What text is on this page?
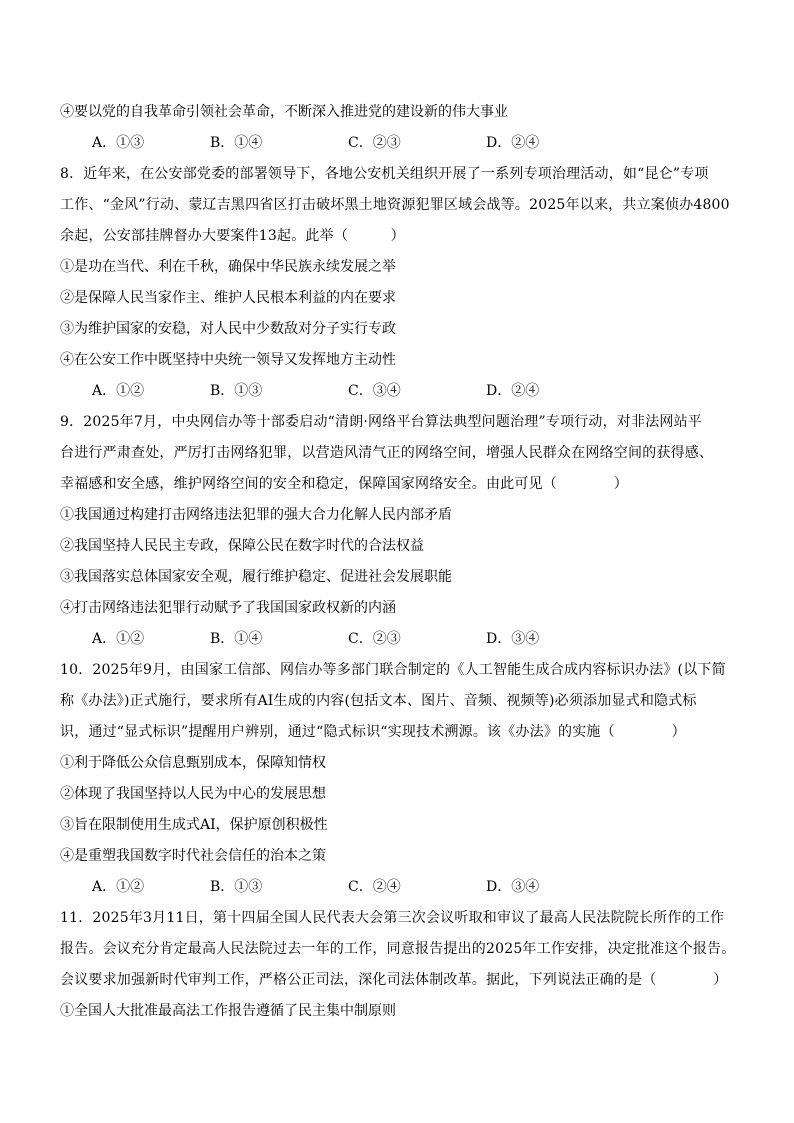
④要以党的自我革命引领社会革命，不断深入推进党的建设新的伟大事业
A．①③	B．①④	C．②③	D．②④
8．近年来，在公安部党委的部署领导下，各地公安机关组织开展了一系列专项治理活动，如“昆仑”专项
工作、“金风”行动、蒙辽吉黑四省区打击破坏黑土地资源犯罪区域会战等。2025年以来，共立案侦办4800
余起，公安部挂牌督办大要案件13起。此举（　　　）
①是功在当代、利在千秋，确保中华民族永续发展之举
②是保障人民当家作主、维护人民根本利益的内在要求
③为维护国家的安稳，对人民中少数敌对分子实行专政
④在公安工作中既坚持中央统一领导又发挥地方主动性
A．①②	B．①③	C．③④	D．②④
9．2025年7月，中央网信办等十部委启动“清朗·网络平台算法典型问题治理”专项行动，对非法网站平
台进行严肃查处，严厉打击网络犯罪，以营造风清气正的网络空间，增强人民群众在网络空间的获得感、
幸福感和安全感，维护网络空间的安全和稳定，保障国家网络安全。由此可见（　　　　）
①我国通过构建打击网络违法犯罪的强大合力化解人民内部矛盾
②我国坚持人民民主专政，保障公民在数字时代的合法权益
③我国落实总体国家安全观，履行维护稳定、促进社会发展职能
④打击网络违法犯罪行动赋予了我国国家政权新的内涵
A．①②	B．①④	C．②③	D．③④
10．2025年9月，由国家工信部、网信办等多部门联合制定的《人工智能生成合成内容标识办法》(以下简
称《办法》)正式施行，要求所有AI生成的内容(包括文本、图片、音频、视频等)必须添加显式和隐式标
识，通过“显式标识”提醒用户辨别，通过“隐式标识“实现技术溯源。该《办法》的实施（　　　　）
①利于降低公众信息甄别成本，保障知情权
②体现了我国坚持以人民为中心的发展思想
③旨在限制使用生成式AI，保护原创积极性
④是重塑我国数字时代社会信任的治本之策
A．①②	B．①③	C．②④	D．③④
11．2025年3月11日，第十四届全国人民代表大会第三次会议听取和审议了最高人民法院院长所作的工作
报告。会议充分肯定最高人民法院过去一年的工作，同意报告提出的2025年工作安排，决定批准这个报告。
会议要求加强新时代审判工作，严格公正司法，深化司法体制改革。据此，下列说法正确的是（　　　　）
①全国人大批准最高法工作报告遵循了民主集中制原则
